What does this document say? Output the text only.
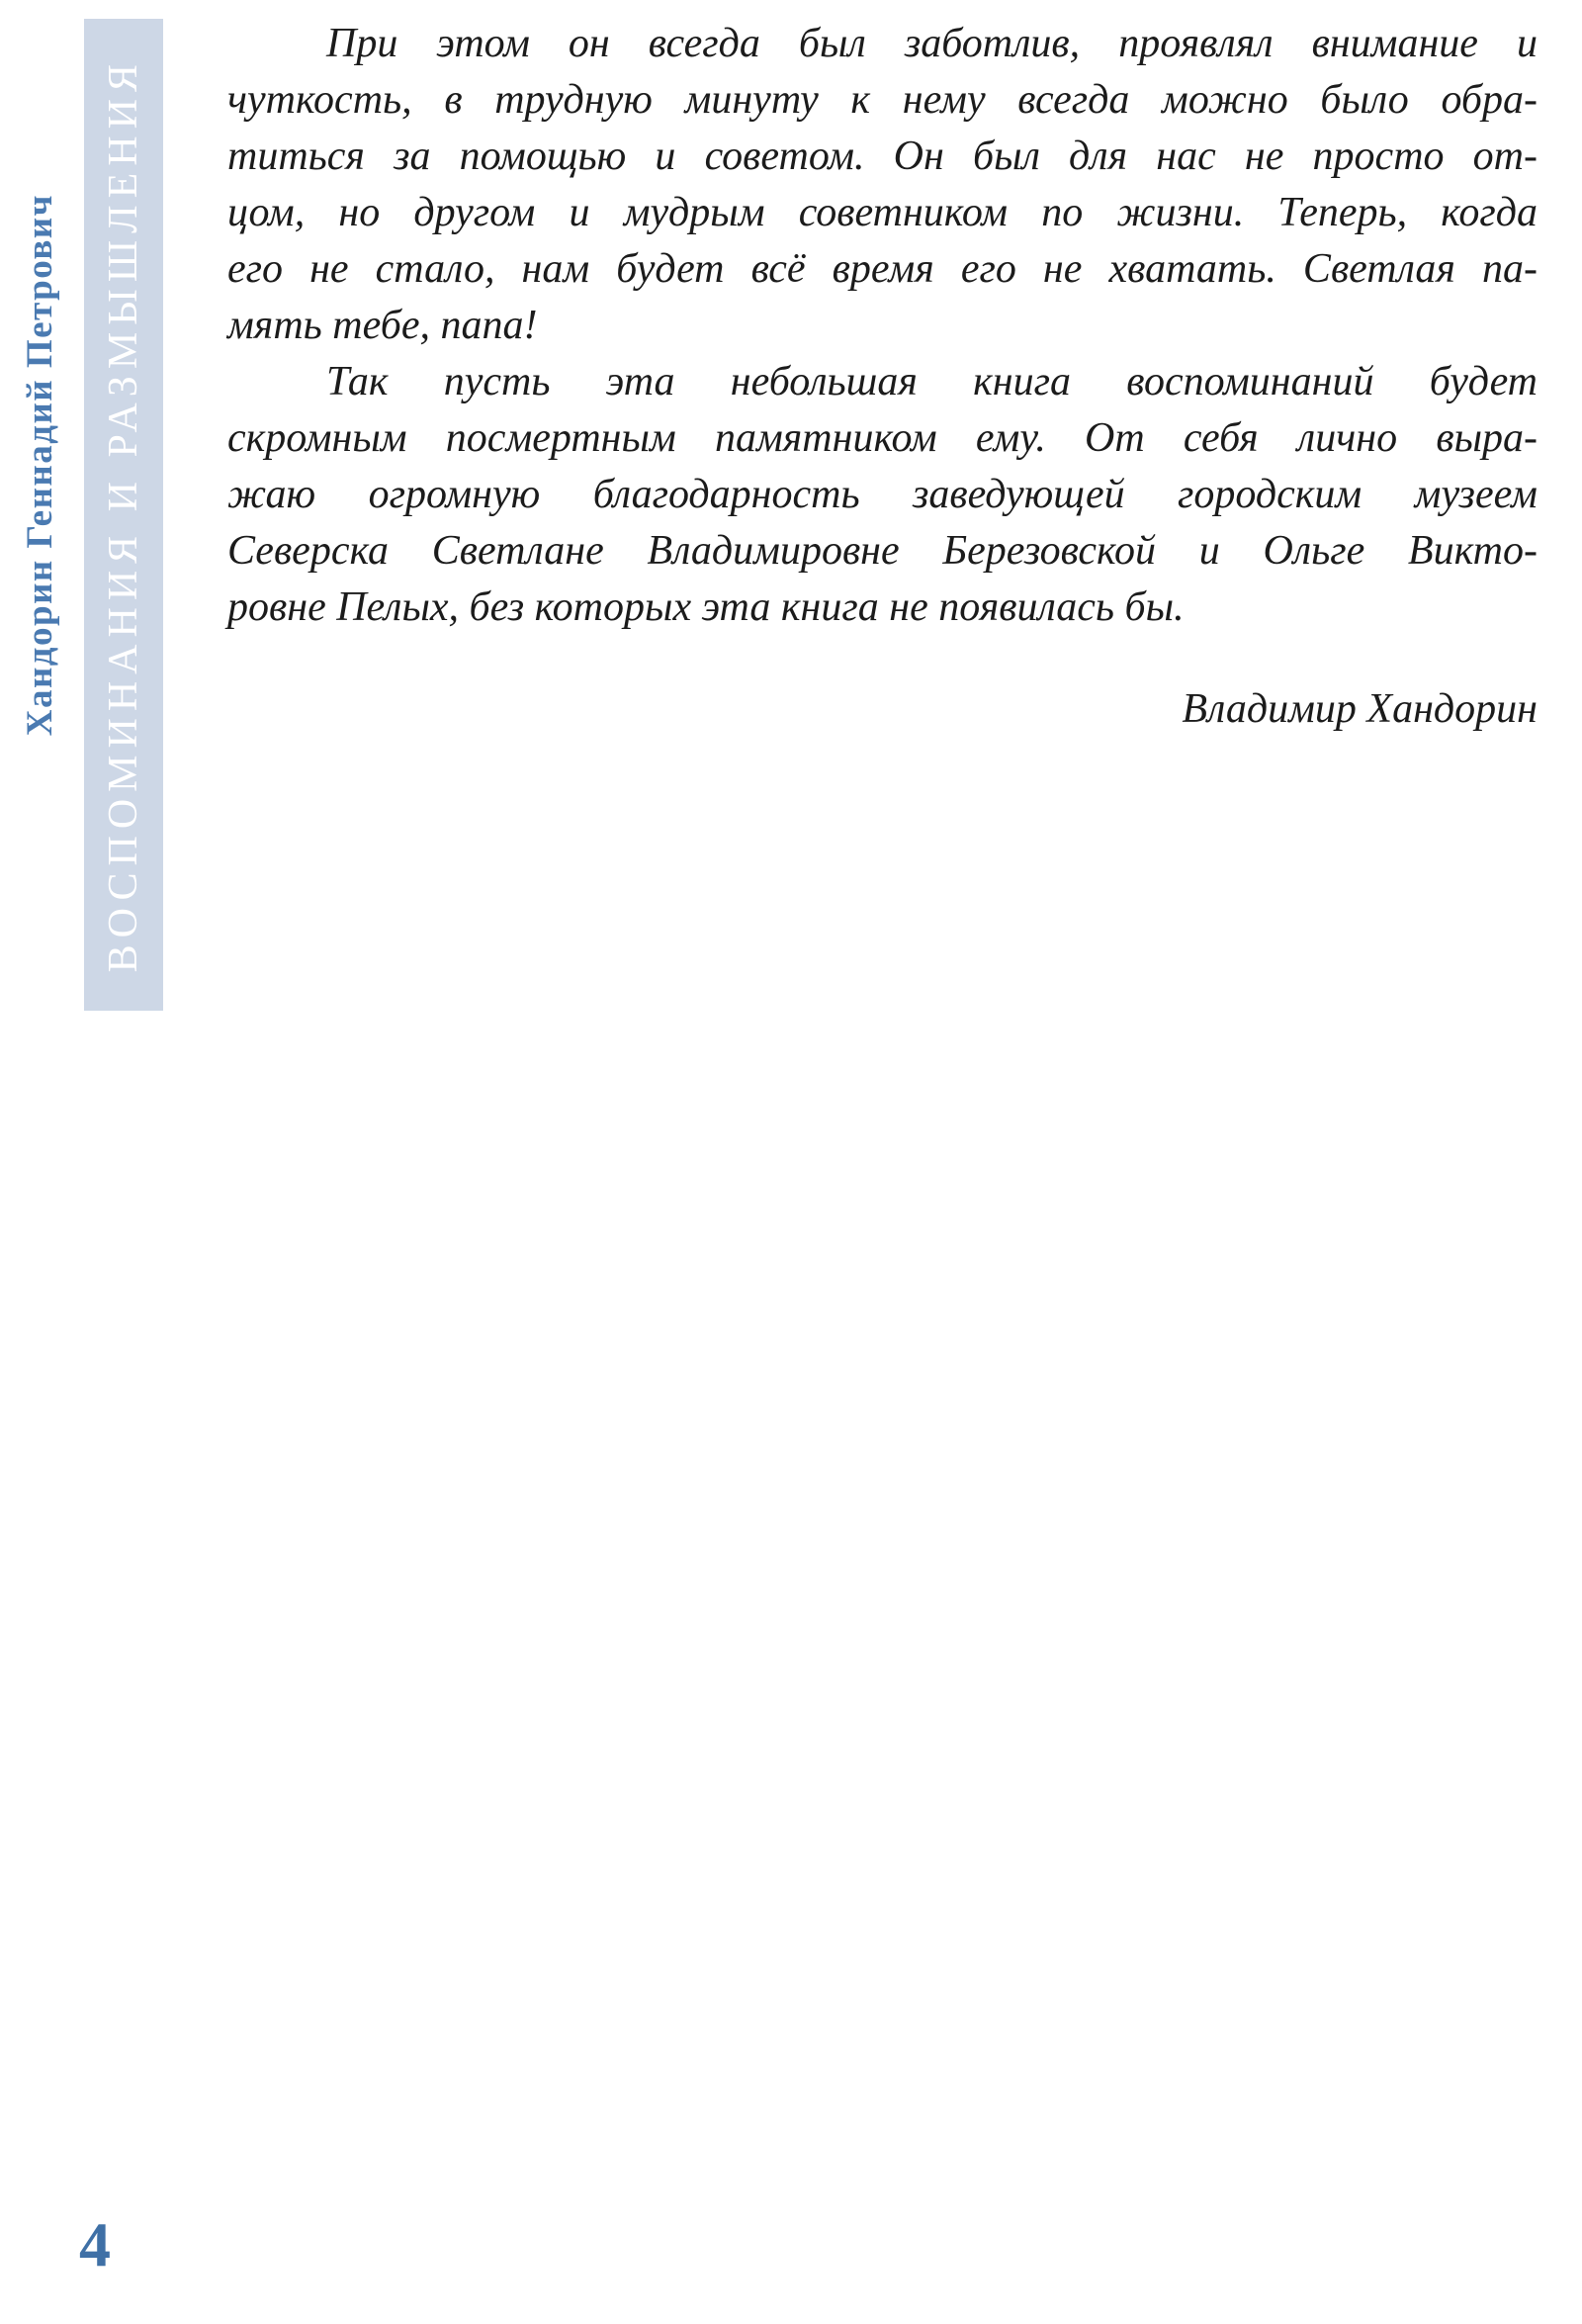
ВОСПОМИНАНИЯ И РАЗМЫШЛЕНИЯ
Хандорин Геннадий Петрович
При этом он всегда был заботлив, проявлял внимание и
чуткость, в трудную минуту к нему всегда можно было обра-
титься за помощью и советом. Он был для нас не просто от-
цом, но другом и мудрым советником по жизни. Теперь, когда
его не стало, нам будет всё время его не хватать. Светлая па-
мять тебе, папа!
Так пусть эта небольшая книга воспоминаний будет
скромным посмертным памятником ему. От себя лично выра-
жаю огромную благодарность заведующей городским музеем
Северска Светлане Владимировне Березовской и Ольге Викто-
ровне Пелых, без которых эта книга не появилась бы.
Владимир Хандорин
4
